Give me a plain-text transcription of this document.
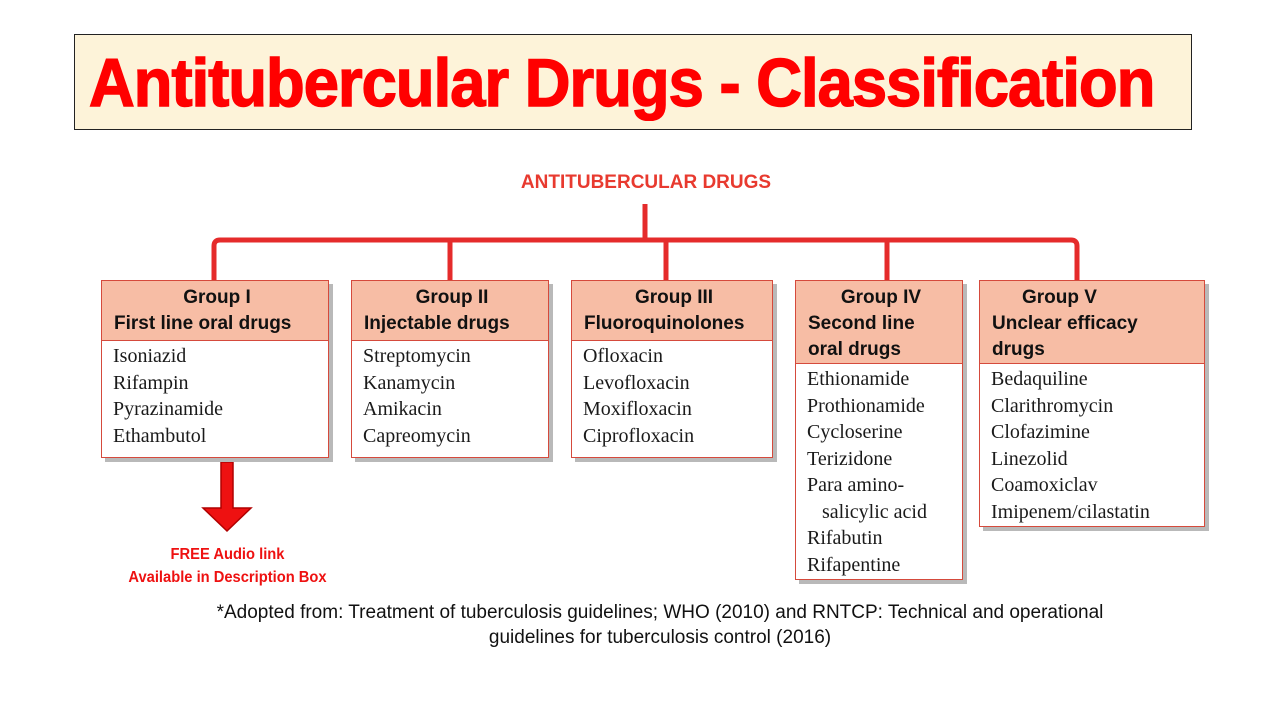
Antitubercular Drugs - Classification
ANTITUBERCULAR DRUGS
Group I
First line oral drugs
Isoniazid
Rifampin
Pyrazinamide
Ethambutol
Group II
Injectable drugs
Streptomycin
Kanamycin
Amikacin
Capreomycin
Group III
Fluoroquinolones
Ofloxacin
Levofloxacin
Moxifloxacin
Ciprofloxacin
Group IV
Second line
oral drugs
Ethionamide
Prothionamide
Cycloserine
Terizidone
Para amino-
salicylic acid
Rifabutin
Rifapentine
Group V
Unclear efficacy
drugs
Bedaquiline
Clarithromycin
Clofazimine
Linezolid
Coamoxiclav
Imipenem/cilastatin
FREE Audio link
Available in Description Box
*Adopted from: Treatment of tuberculosis guidelines; WHO (2010) and RNTCP: Technical and operational
guidelines for tuberculosis control (2016)
